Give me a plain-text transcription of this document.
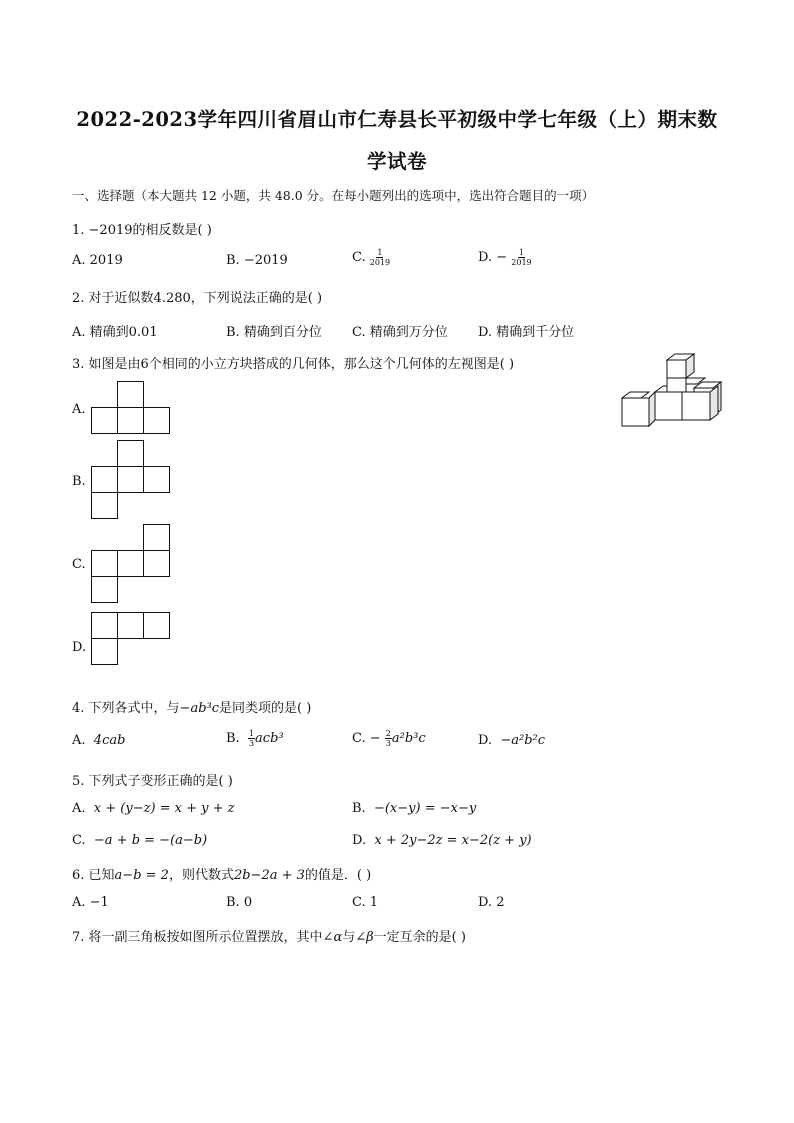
2022-2023学年四川省眉山市仁寿县长平初级中学七年级（上）期末数
学试卷
一、选择题（本大题共 12 小题，共 48.0 分。在每小题列出的选项中，选出符合题目的一项）
1. −2019的相反数是( )
A. 2019	B. −2019	C. $\frac{1}{2019}$	D. − $\frac{1}{2019}$
2. 对于近似数4.280，下列说法正确的是( )
A. 精确到0.01	B. 精确到百分位 C. 精确到万分位 D. 精确到千分位
3. 如图是由6个相同的小立方块搭成的几何体，那么这个几何体的左视图是( )
A.
B.
C.
D.
4. 下列各式中，与−ab³c是同类项的是( )
A. 4cab	B. $\frac{1}{3} acb^3$	C. − $\frac{2}{3} a^2b^3c$	D. −a²b²c
5. 下列式子变形正确的是( )
A. x + (y−z) = x + y + z	B. −(x−y) = −x−y
C. −a + b = −(a−b)	D. x + 2y−2z = x−2(z + y)
6. 已知a−b = 2，则代数式2b−2a + 3的值是．( )
A. −1	B. 0	C. 1	D. 2
7. 将一副三角板按如图所示位置摆放，其中∠α与∠β一定互余的是( )
